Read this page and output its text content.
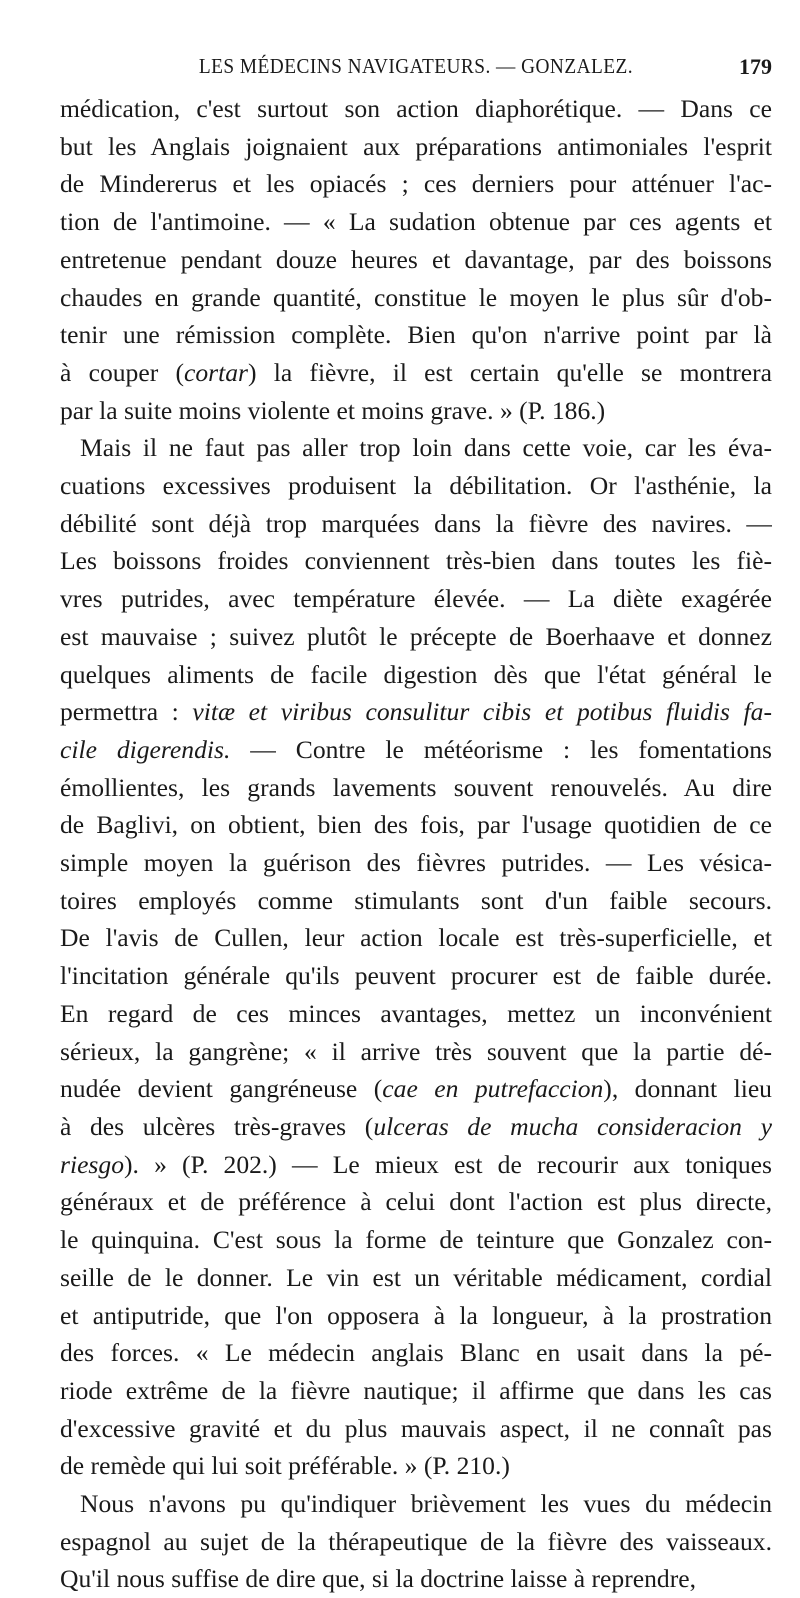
LES MÉDECINS NAVIGATEURS. — GONZALEZ.	179
médication, c'est surtout son action diaphorétique. — Dans ce
but les Anglais joignaient aux préparations antimoniales l'esprit
de Mindererus et les opiacés ; ces derniers pour atténuer l'ac-
tion de l'antimoine. — « La sudation obtenue par ces agents et
entretenue pendant douze heures et davantage, par des boissons
chaudes en grande quantité, constitue le moyen le plus sûr d'ob-
tenir une rémission complète. Bien qu'on n'arrive point par là
à couper (cortar) la fièvre, il est certain qu'elle se montrera
par la suite moins violente et moins grave. » (P. 186.)
Mais il ne faut pas aller trop loin dans cette voie, car les éva-
cuations excessives produisent la débilitation. Or l'asthénie, la
débilité sont déjà trop marquées dans la fièvre des navires. —
Les boissons froides conviennent très-bien dans toutes les fiè-
vres putrides, avec température élevée. — La diète exagérée
est mauvaise ; suivez plutôt le précepte de Boerhaave et donnez
quelques aliments de facile digestion dès que l'état général le
permettra : vitæ et viribus consulitur cibis et potibus fluidis fa-
cile digerendis. — Contre le météorisme : les fomentations
émollientes, les grands lavements souvent renouvelés. Au dire
de Baglivi, on obtient, bien des fois, par l'usage quotidien de ce
simple moyen la guérison des fièvres putrides. — Les vésica-
toires employés comme stimulants sont d'un faible secours.
De l'avis de Cullen, leur action locale est très-superficielle, et
l'incitation générale qu'ils peuvent procurer est de faible durée.
En regard de ces minces avantages, mettez un inconvénient
sérieux, la gangrène; « il arrive très souvent que la partie dé-
nudée devient gangréneuse (cae en putrefaccion), donnant lieu
à des ulcères très-graves (ulceras de mucha consideracion y
riesgo). » (P. 202.) — Le mieux est de recourir aux toniques
généraux et de préférence à celui dont l'action est plus directe,
le quinquina. C'est sous la forme de teinture que Gonzalez con-
seille de le donner. Le vin est un véritable médicament, cordial
et antiputride, que l'on opposera à la longueur, à la prostration
des forces. « Le médecin anglais Blanc en usait dans la pé-
riode extrême de la fièvre nautique; il affirme que dans les cas
d'excessive gravité et du plus mauvais aspect, il ne connaît pas
de remède qui lui soit préférable. » (P. 210.)
Nous n'avons pu qu'indiquer brièvement les vues du médecin
espagnol au sujet de la thérapeutique de la fièvre des vaisseaux.
Qu'il nous suffise de dire que, si la doctrine laisse à reprendre,
